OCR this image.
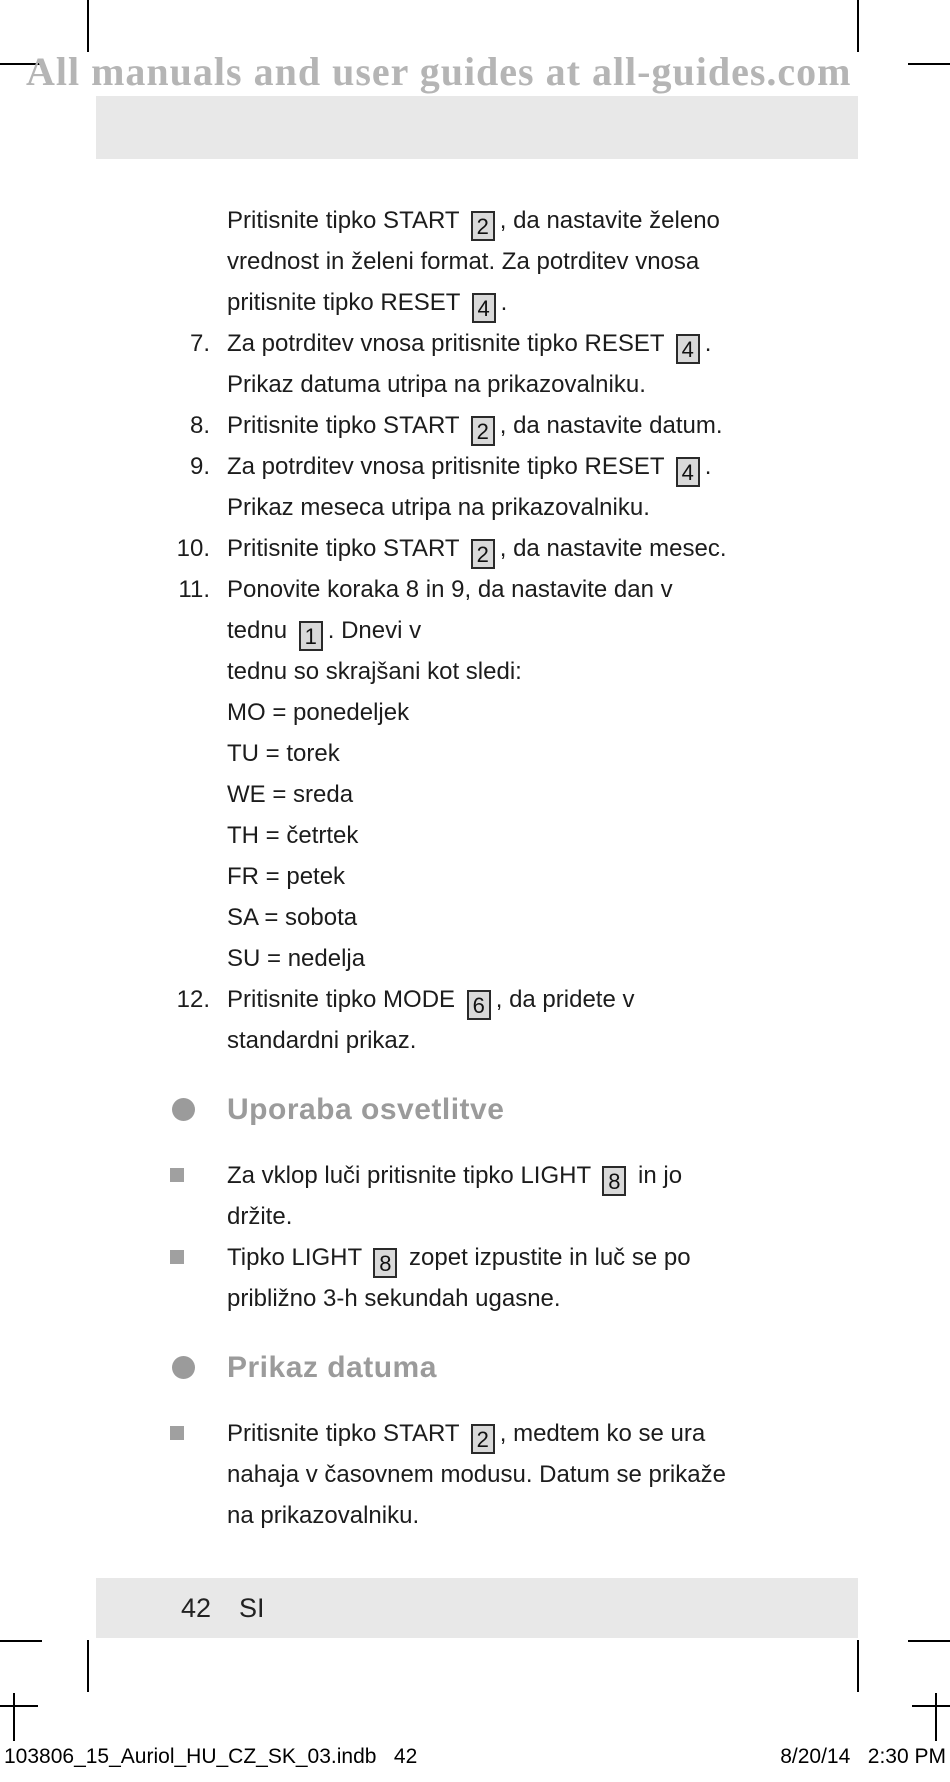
All manuals and user guides at all-guides.com
Pritisnite tipko START 2 , da nastavite želeno
vrednost in želeni format. Za potrditev vnosa
pritisnite tipko RESET 4 .
7. Za potrditev vnosa pritisnite tipko RESET 4 .
Prikaz datuma utripa na prikazovalniku.
8. Pritisnite tipko START 2 , da nastavite datum.
9. Za potrditev vnosa pritisnite tipko RESET 4 .
Prikaz meseca utripa na prikazovalniku.
10. Pritisnite tipko START 2 , da nastavite mesec.
11. Ponovite koraka 8 in 9, da nastavite dan v
tednu 1 . Dnevi v
tednu so skrajšani kot sledi:
MO = ponedeljek
TU = torek
WE = sreda
TH = četrtek
FR = petek
SA = sobota
SU = nedelja
12. Pritisnite tipko MODE 6 , da pridete v
standardni prikaz.
Uporaba osvetlitve
Za vklop luči pritisnite tipko LIGHT 8 in jo
držite.
Tipko LIGHT 8 zopet izpustite in luč se po
približno 3-h sekundah ugasne.
Prikaz datuma
Pritisnite tipko START 2 , medtem ko se ura
nahaja v časovnem modusu. Datum se prikaže
na prikazovalniku.
42 SI
103806_15_Auriol_HU_CZ_SK_03.indb   42	8/20/14   2:30 PM
